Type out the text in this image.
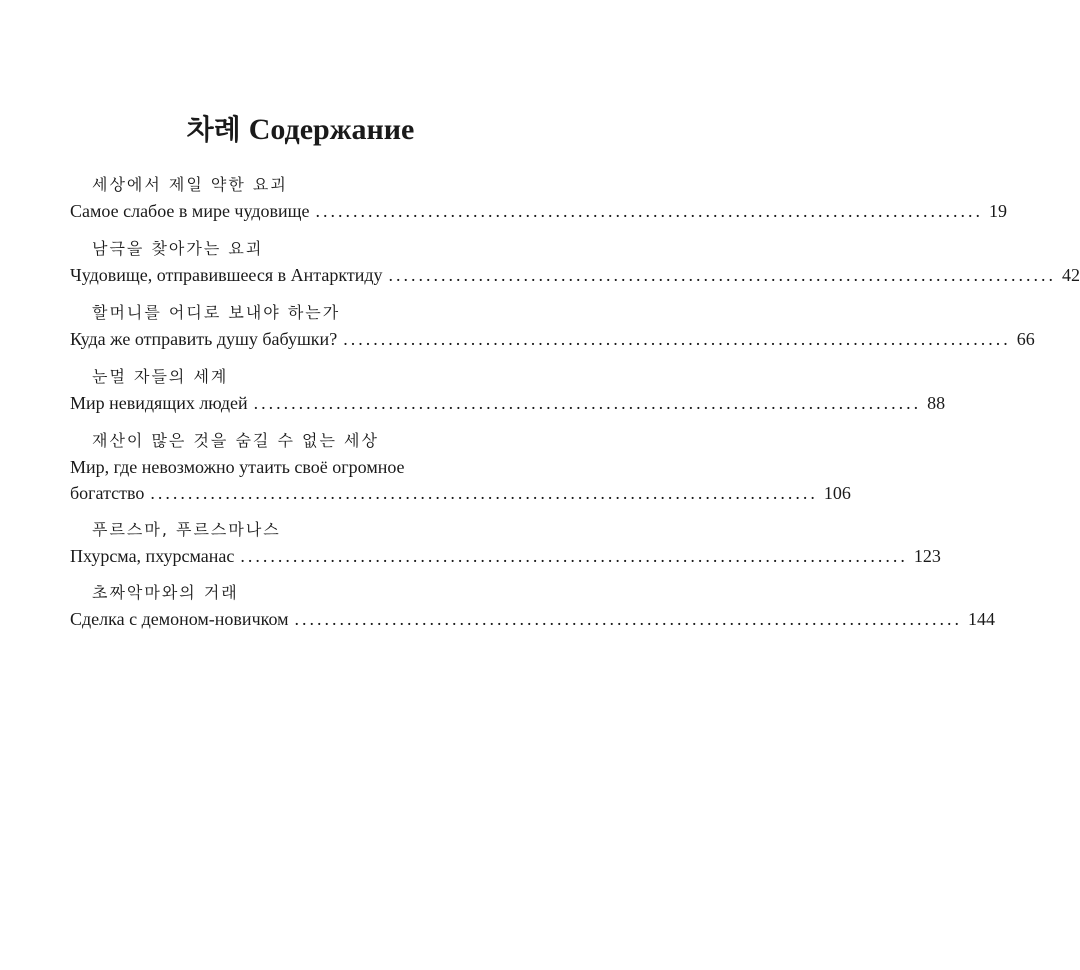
차례 Содержание
세상에서 제일 약한 요괴
Самое слабое в мире чудовище ......................................................................................... 19
남극을 찾아가는 요괴
Чудовище, отправившееся в Антарктиду ......................................................................................... 42
할머니를 어디로 보내야 하는가
Куда же отправить душу бабушки? ......................................................................................... 66
눈멀 자들의 세계
Мир невидящих людей ......................................................................................... 88
재산이 많은 것을 숨길 수 없는 세상
Мир, где невозможно утаить своё огромное
богатство ......................................................................................... 106
푸르스마, 푸르스마나스
Пхурсма, пхурсманас ......................................................................................... 123
초짜악마와의 거래
Сделка с демоном-новичком ......................................................................................... 144
